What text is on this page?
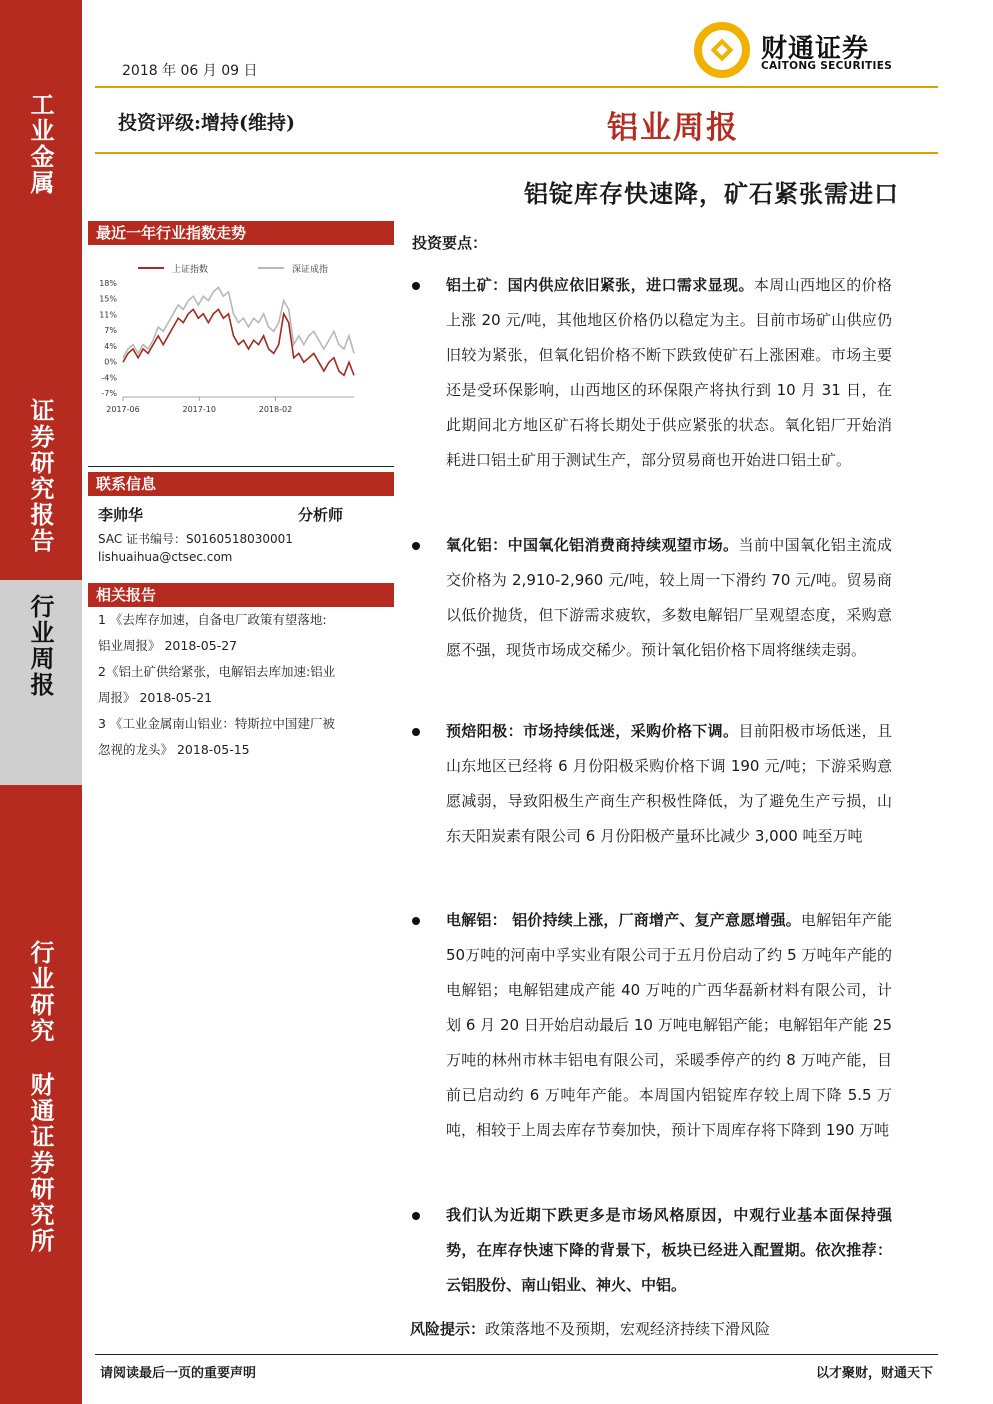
工业金属
证券研究报告
行业周报
行业研究
财通证券研究所
2018 年 06 月 09 日
财通证券
CAITONG SECURITIES
投资评级:增持(维持)	铝业周报
铝锭库存快速降，矿石紧张需进口
最近一年行业指数走势
上证指数	深证成指
18%
15%
11%
7%
4%
0%
-4%
-7%
2017-06	2017-10	2018-02
联系信息
李帅华	分析师
SAC 证书编号：S0160518030001
lishuaihua@ctsec.com
相关报告
1 《去库存加速，自备电厂政策有望落地:
铝业周报》 2018-05-27
2《铝土矿供给紧张，电解铝去库加速:铝业
周报》 2018-05-21
3 《工业金属南山铝业：特斯拉中国建厂被
忽视的龙头》 2018-05-15
投资要点：
铝土矿：国内供应依旧紧张，进口需求显现。本周山西地区的价格上涨 20 元/吨，其他地区价格仍以稳定为主。目前市场矿山供应仍旧较为紧张，但氧化铝价格不断下跌致使矿石上涨困难。市场主要还是受环保影响，山西地区的环保限产将执行到 10 月 31 日，在此期间北方地区矿石将长期处于供应紧张的状态。氧化铝厂开始消耗进口铝土矿用于测试生产，部分贸易商也开始进口铝土矿。
氧化铝：中国氧化铝消费商持续观望市场。当前中国氧化铝主流成交价格为 2,910-2,960 元/吨，较上周一下滑约 70 元/吨。贸易商以低价抛货，但下游需求疲软，多数电解铝厂呈观望态度，采购意愿不强，现货市场成交稀少。预计氧化铝价格下周将继续走弱。
预焙阳极：市场持续低迷，采购价格下调。目前阳极市场低迷，且山东地区已经将 6 月份阳极采购价格下调 190 元/吨；下游采购意愿减弱，导致阳极生产商生产积极性降低，为了避免生产亏损，山东天阳炭素有限公司 6 月份阳极产量环比减少 3,000 吨至万吨
电解铝： 铝价持续上涨，厂商增产、复产意愿增强。电解铝年产能50万吨的河南中孚实业有限公司于五月份启动了约 5 万吨年产能的电解铝；电解铝建成产能 40 万吨的广西华磊新材料有限公司，计划 6 月 20 日开始启动最后 10 万吨电解铝产能；电解铝年产能 25 万吨的林州市林丰铝电有限公司，采暖季停产的约 8 万吨产能，目前已启动约 6 万吨年产能。本周国内铝锭库存较上周下降 5.5 万吨，相较于上周去库存节奏加快，预计下周库存将下降到 190 万吨
我们认为近期下跌更多是市场风格原因，中观行业基本面保持强势，在库存快速下降的背景下，板块已经进入配置期。依次推荐：云铝股份、南山铝业、神火、中铝。
风险提示：政策落地不及预期，宏观经济持续下滑风险
请阅读最后一页的重要声明	以才聚财，财通天下
